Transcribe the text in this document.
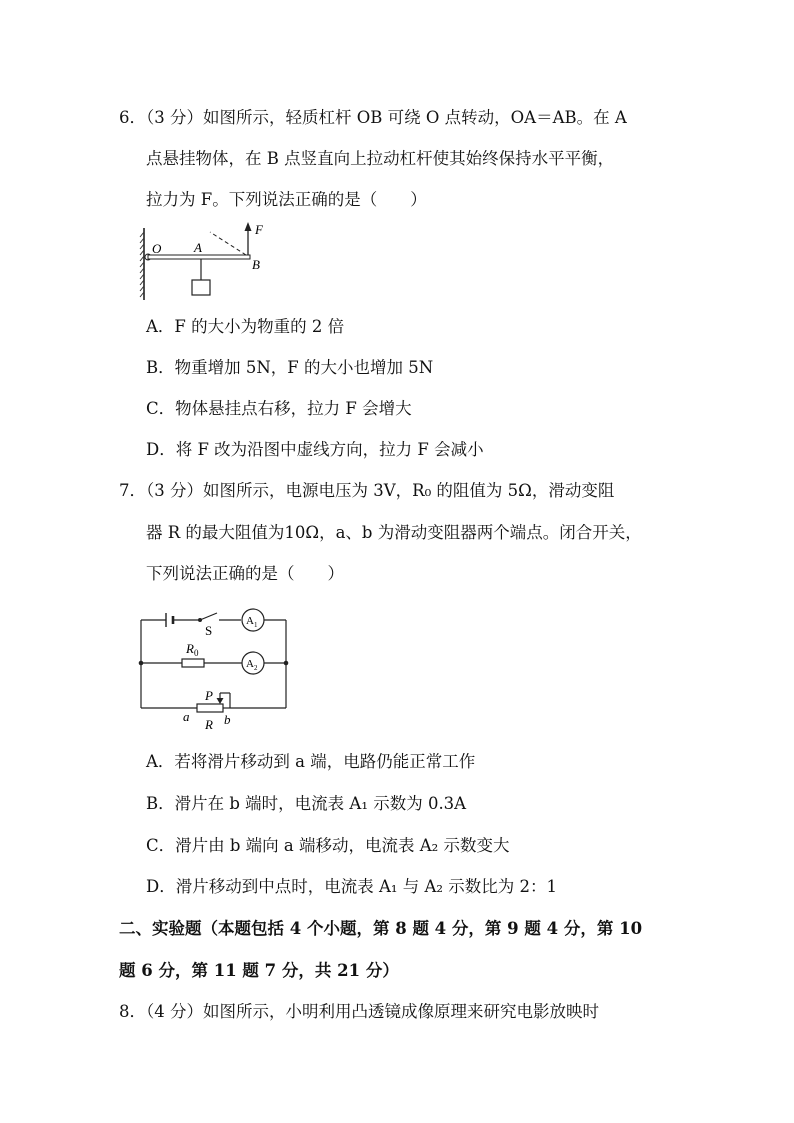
6．（3 分）如图所示，轻质杠杆 OB 可绕 O 点转动，OA＝AB。在 A
点悬挂物体，在 B 点竖直向上拉动杠杆使其始终保持水平平衡，
拉力为 F。下列说法正确的是（　　）
O	A
B
F
A．F 的大小为物重的 2 倍
B．物重增加 5N，F 的大小也增加 5N
C．物体悬挂点右移，拉力 F 会增大
D．将 F 改为沿图中虚线方向，拉力 F 会减小
7．（3 分）如图所示，电源电压为 3V，R₀ 的阻值为 5Ω，滑动变阻
器 R 的最大阻值为10Ω，a、b 为滑动变阻器两个端点。闭合开关，
下列说法正确的是（　　）
S
$A_1$
$A_2$
$R_0$
P
R
a	b
A．若将滑片移动到 a 端，电路仍能正常工作
B．滑片在 b 端时，电流表 A₁ 示数为 0.3A
C．滑片由 b 端向 a 端移动，电流表 A₂ 示数变大
D．滑片移动到中点时，电流表 A₁ 与 A₂ 示数比为 2：1
二、实验题（本题包括 4 个小题，第 8 题 4 分，第 9 题 4 分，第 10
题 6 分，第 11 题 7 分，共 21 分）
8．（4 分）如图所示，小明利用凸透镜成像原理来研究电影放映时
